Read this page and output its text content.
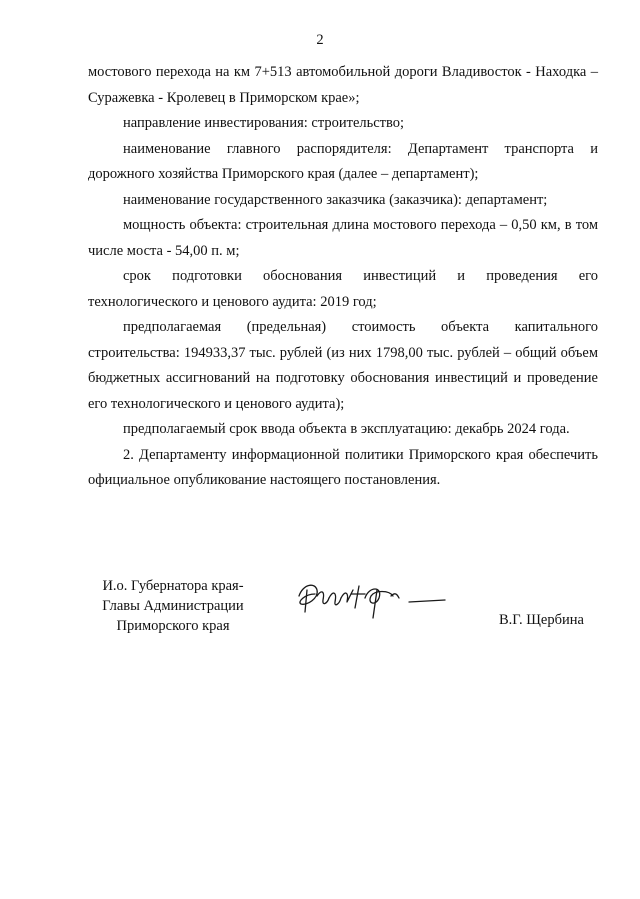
2

мостового перехода на км 7+513 автомобильной дороги Владивосток - Находка – Суражевка - Кролевец в Приморском крае»;

направление инвестирования: строительство;

наименование главного распорядителя: Департамент транспорта и дорожного хозяйства Приморского края (далее – департамент);

наименование государственного заказчика (заказчика): департамент;

мощность объекта: строительная длина мостового перехода – 0,50 км, в том числе моста - 54,00 п. м;

срок подготовки обоснования инвестиций и проведения его технологического и ценового аудита: 2019 год;

предполагаемая (предельная) стоимость объекта капитального строительства: 194933,37 тыс. рублей (из них 1798,00 тыс. рублей – общий объем бюджетных ассигнований на подготовку обоснования инвестиций и проведение его технологического и ценового аудита);

предполагаемый срок ввода объекта в эксплуатацию: декабрь 2024 года.

2. Департаменту информационной политики Приморского края обеспечить официальное опубликование настоящего постановления.

И.о. Губернатора края-
Главы Администрации
Приморского края	В.Г. Щербина
